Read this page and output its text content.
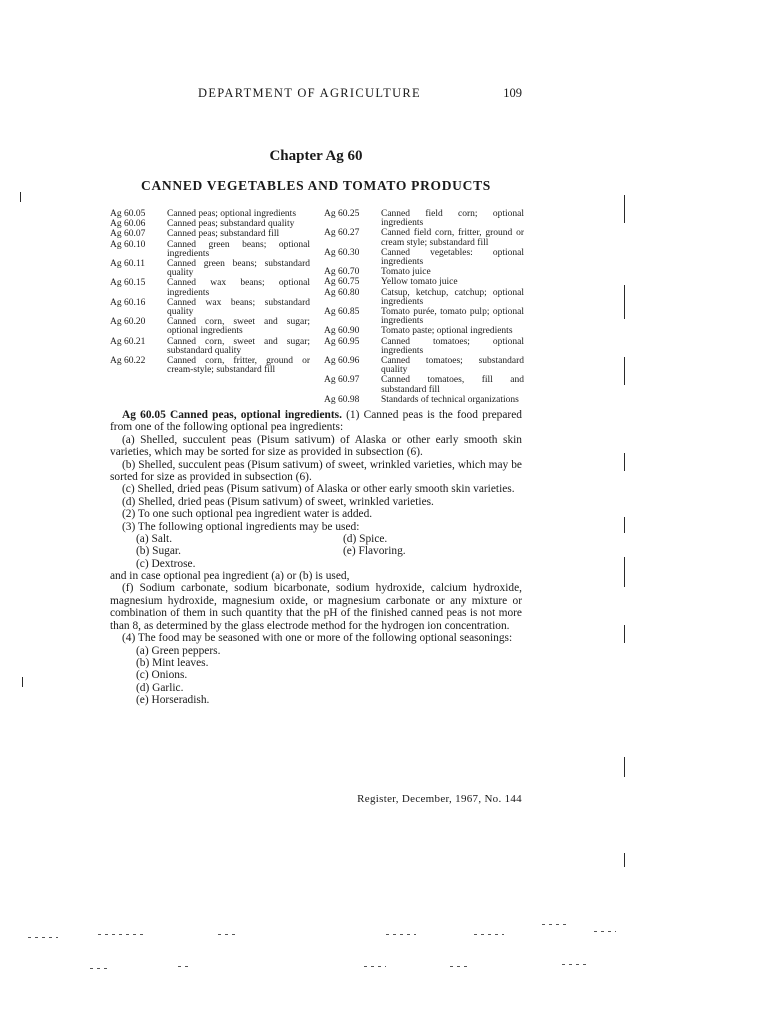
DEPARTMENT OF AGRICULTURE	109
Chapter Ag 60
CANNED VEGETABLES AND TOMATO PRODUCTS
Ag 60.05 Canned peas; optional ingredients
Ag 60.06 Canned peas; substandard quality
Ag 60.07 Canned peas; substandard fill
Ag 60.10 Canned green beans; optional ingredients
Ag 60.11 Canned green beans; substandard quality
Ag 60.15 Canned wax beans; optional ingredients
Ag 60.16 Canned wax beans; substandard quality
Ag 60.20 Canned corn, sweet and sugar; optional ingredients
Ag 60.21 Canned corn, sweet and sugar; substandard quality
Ag 60.22 Canned corn, fritter, ground or cream-style; substandard fill
Ag 60.25 Canned field corn; optional ingredients
Ag 60.27 Canned field corn, fritter, ground or cream style; substandard fill
Ag 60.30 Canned vegetables: optional ingredients
Ag 60.70 Tomato juice
Ag 60.75 Yellow tomato juice
Ag 60.80 Catsup, ketchup, catchup; optional ingredients
Ag 60.85 Tomato purée, tomato pulp; optional ingredients
Ag 60.90 Tomato paste; optional ingredients
Ag 60.95 Canned tomatoes; optional ingredients
Ag 60.96 Canned tomatoes; substandard quality
Ag 60.97 Canned tomatoes, fill and substandard fill
Ag 60.98 Standards of technical organizations

Ag 60.05 Canned peas, optional ingredients. (1) Canned peas is the food prepared from one of the following optional pea ingredients:

(a) Shelled, succulent peas (Pisum sativum) of Alaska or other early smooth skin varieties, which may be sorted for size as provided in subsection (6).

(b) Shelled, succulent peas (Pisum sativum) of sweet, wrinkled varieties, which may be sorted for size as provided in subsection (6).

(c) Shelled, dried peas (Pisum sativum) of Alaska or other early smooth skin varieties.

(d) Shelled, dried peas (Pisum sativum) of sweet, wrinkled varieties.

(2) To one such optional pea ingredient water is added.

(3) The following optional ingredients may be used:

(a) Salt.
(b) Sugar.
(c) Dextrose.
(d) Spice.
(e) Flavoring.

and in case optional pea ingredient (a) or (b) is used,

(f) Sodium carbonate, sodium bicarbonate, sodium hydroxide, calcium hydroxide, magnesium hydroxide, magnesium oxide, or magnesium carbonate or any mixture or combination of them in such quantity that the pH of the finished canned peas is not more than 8, as determined by the glass electrode method for the hydrogen ion concentration.

(4) The food may be seasoned with one or more of the following optional seasonings:

(a) Green peppers.
(b) Mint leaves.
(c) Onions.
(d) Garlic.
(e) Horseradish.
Register, December, 1967, No. 144
